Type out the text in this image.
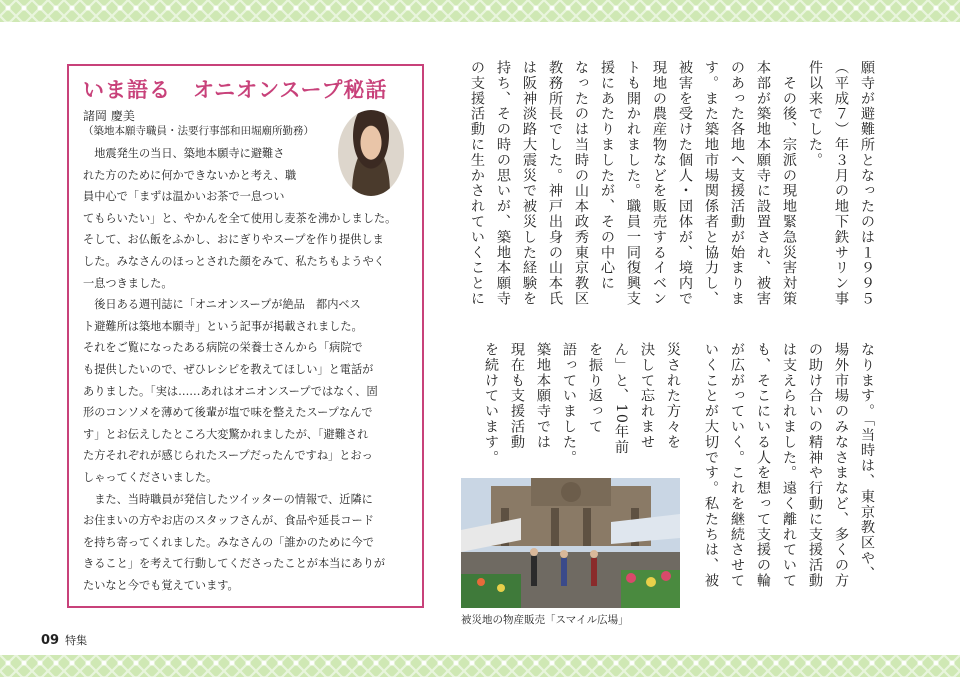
いま語る　オニオンスープ秘話
諸岡 慶美
（築地本願寺職員・法要行事部和田堀廟所勤務）

地震発生の当日、築地本願寺に避難さ

れた方のために何かできないかと考え、職
員中心で「まずは温かいお茶で一息つい
てもらいたい」と、やかんを全て使用し麦茶を沸かしました。
そして、お仏飯をふかし、おにぎりやスープを作り提供しま
した。みなさんのほっとされた顔をみて、私たちもようやく
一息つきました。

後日ある週刊誌に「オニオンスープが絶品　都内ベス

ト避難所は築地本願寺」という記事が掲載されました。
それをご覧になったある病院の栄養士さんから「病院で
も提供したいので、ぜひレシピを教えてほしい」と電話が
ありました。「実は……あれはオニオンスープではなく、固
形のコンソメを薄めて後輩が塩で味を整えたスープなんで
す」とお伝えしたところ大変驚かれましたが、「避難され
た方それぞれが感じられたスープだったんですね」とおっ
しゃってくださいました。

また、当時職員が発信したツイッターの情報で、近隣に

お住まいの方やお店のスタッフさんが、食品や延長コード
を持ち寄ってくれました。みなさんの「誰かのために今で
きること」を考えて行動してくださったことが本当にありが
たいなと今でも覚えています。
願寺が避難所となったのは１９９５
（平成７）年３月の地下鉄サリン事
件以来でした。
　その後、宗派の現地緊急災害対策
本部が築地本願寺に設置され、被害
のあった各地へ支援活動が始まりま
す。また築地市場関係者と協力し、
被害を受けた個人・団体が、境内で
現地の農産物などを販売するイベン
トも開かれました。職員一同復興支
援にあたりましたが、その中心に
なったのは当時の山本政秀東京教区
教務所長でした。神戸出身の山本氏
は阪神淡路大震災で被災した経験を
持ち、その時の思いが、築地本願寺
の支援活動に生かされていくことに
なります。「当時は、東京教区や、
場外市場のみなさまなど、多くの方
の助け合いの精神や行動に支援活動
は支えられました。遠く離れていて
も、そこにいる人を想って支援の輪
が広がっていく。これを継続させて
いくことが大切です。私たちは、被
災された方々を
決して忘れませ
ん」と、10年前
を振り返って
語っていました。
築地本願寺では
現在も支援活動
を続けています。
被災地の物産販売「スマイル広場」
09 特集
